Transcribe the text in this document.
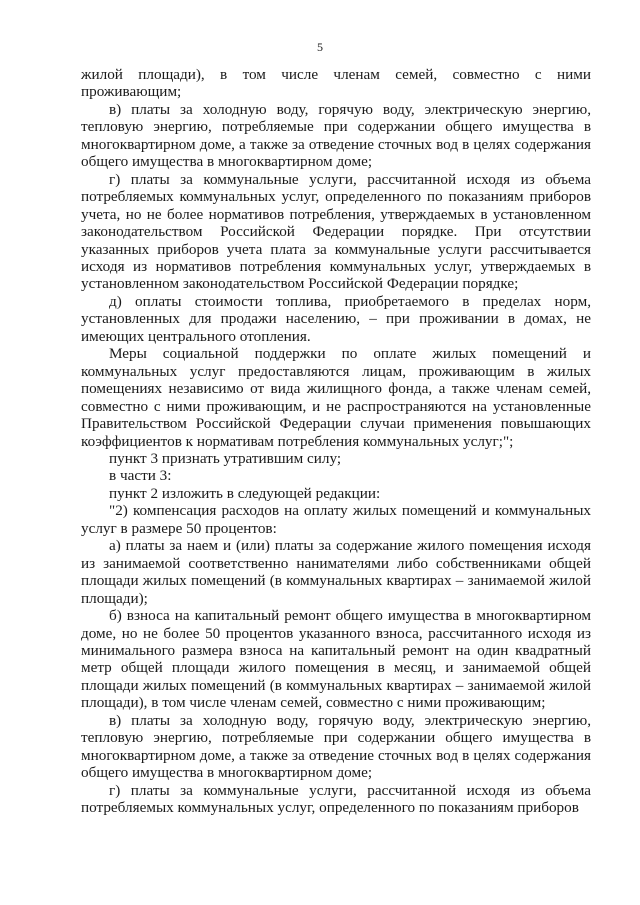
5

жилой площади), в том числе членам семей, совместно с ними проживающим;

в) платы за холодную воду, горячую воду, электрическую энергию, тепловую энергию, потребляемые при содержании общего имущества в многоквартирном доме, а также за отведение сточных вод в целях содержания общего имущества в многоквартирном доме;

г) платы за коммунальные услуги, рассчитанной исходя из объема потребляемых коммунальных услуг, определенного по показаниям приборов учета, но не более нормативов потребления, утверждаемых в установленном законодательством Российской Федерации порядке. При отсутствии указанных приборов учета плата за коммунальные услуги рассчитывается исходя из нормативов потребления коммунальных услуг, утверждаемых в установленном законодательством Российской Федерации порядке;

д) оплаты стоимости топлива, приобретаемого в пределах норм, установленных для продажи населению, – при проживании в домах, не имеющих центрального отопления.

Меры социальной поддержки по оплате жилых помещений и коммунальных услуг предоставляются лицам, проживающим в жилых помещениях независимо от вида жилищного фонда, а также членам семей, совместно с ними проживающим, и не распространяются на установленные Правительством Российской Федерации случаи применения повышающих коэффициентов к нормативам потребления коммунальных услуг;";

пункт 3 признать утратившим силу;

в части 3:

пункт 2 изложить в следующей редакции:

"2) компенсация расходов на оплату жилых помещений и коммунальных услуг в размере 50 процентов:

а) платы за наем и (или) платы за содержание жилого помещения исходя из занимаемой соответственно нанимателями либо собственниками общей площади жилых помещений (в коммунальных квартирах – занимаемой жилой площади);

б) взноса на капитальный ремонт общего имущества в многоквартирном доме, но не более 50 процентов указанного взноса, рассчитанного исходя из минимального размера взноса на капитальный ремонт на один квадратный метр общей площади жилого помещения в месяц, и занимаемой общей площади жилых помещений (в коммунальных квартирах – занимаемой жилой площади), в том числе членам семей, совместно с ними проживающим;

в) платы за холодную воду, горячую воду, электрическую энергию, тепловую энергию, потребляемые при содержании общего имущества в многоквартирном доме, а также за отведение сточных вод в целях содержания общего имущества в многоквартирном доме;

г) платы за коммунальные услуги, рассчитанной исходя из объема потребляемых коммунальных услуг, определенного по показаниям приборов
